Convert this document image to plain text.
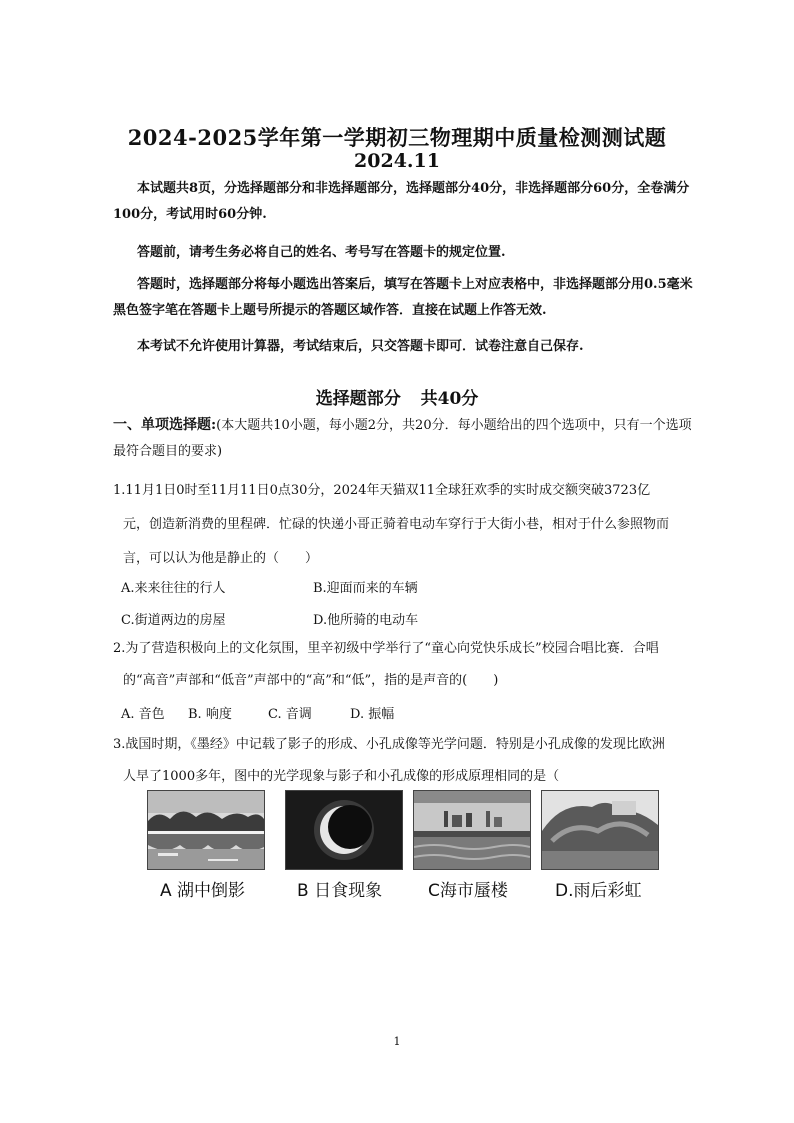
2024-2025学年第一学期初三物理期中质量检测测试题
2024.11
本试题共8页，分选择题部分和非选择题部分，选择题部分40分，非选择题部分60分，全卷满分100分，考试用时60分钟.
答题前，请考生务必将自己的姓名、考号写在答题卡的规定位置.
答题时，选择题部分将每小题选出答案后，填写在答题卡上对应表格中，非选择题部分用0.5毫米黑色签字笔在答题卡上题号所提示的答题区域作答．直接在试题上作答无效.
本考试不允许使用计算器，考试结束后，只交答题卡即可．试卷注意自己保存.
选择题部分 共40分
一、单项选择题:(本大题共10小题，每小题2分，共20分．每小题给出的四个选项中，只有一个选项最符合题目的要求)
1.11月1日0时至11月11日0点30分，2024年天猫双11全球狂欢季的实时成交额突破3723亿
元，创造新消费的里程碑．忙碌的快递小哥正骑着电动车穿行于大街小巷，相对于什么参照物而
言，可以认为他是静止的（　　）
A.来来往往的行人	B.迎面而来的车辆
C.街道两边的房屋	D.他所骑的电动车
2.为了营造积极向上的文化氛围，里辛初级中学举行了“童心向党快乐成长”校园合唱比赛．合唱
的“高音”声部和“低音”声部中的“高”和“低”，指的是声音的(　　)
A. 音色 B. 响度	C. 音调	D. 振幅
3.战国时期，《墨经》中记载了影子的形成、小孔成像等光学问题．特别是小孔成像的发现比欧洲
人早了1000多年，图中的光学现象与影子和小孔成像的形成原理相同的是（
A 湖中倒影	B 日食现象	C海市蜃楼	D.雨后彩虹
1
